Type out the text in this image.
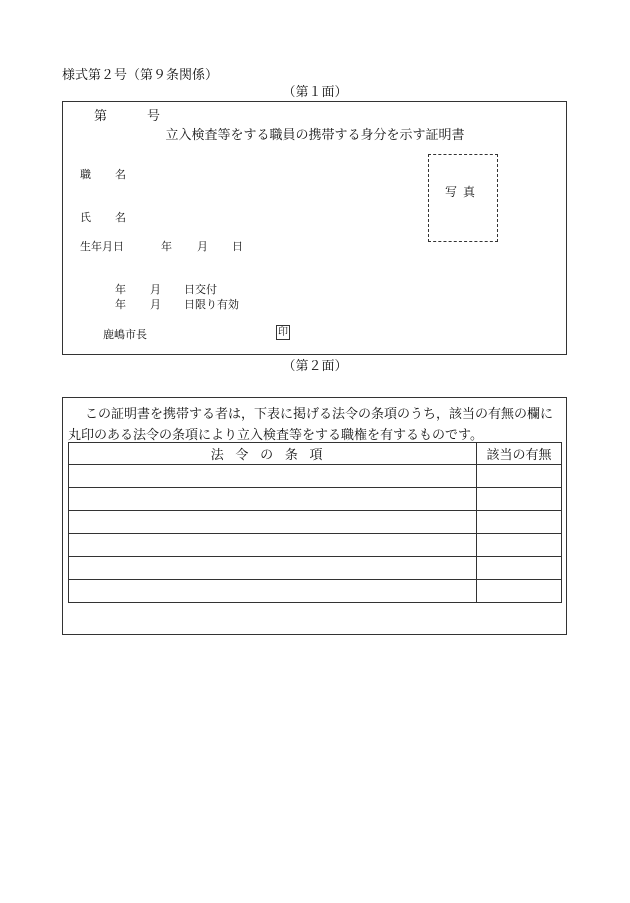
様式第２号（第９条関係）
（第１面）
第	号
立入検査等をする職員の携帯する身分を示す証明書
職 名
氏 名
生年月日	年 月 日
年 月 日交付
年 月 日限り有効
鹿嶋市長	印
写真
（第２面）
この証明書を携帯する者は，下表に掲げる法令の条項のうち，該当の有無の欄に
丸印のある法令の条項により立入検査等をする職権を有するものです。
法令の条項	該当の有無
